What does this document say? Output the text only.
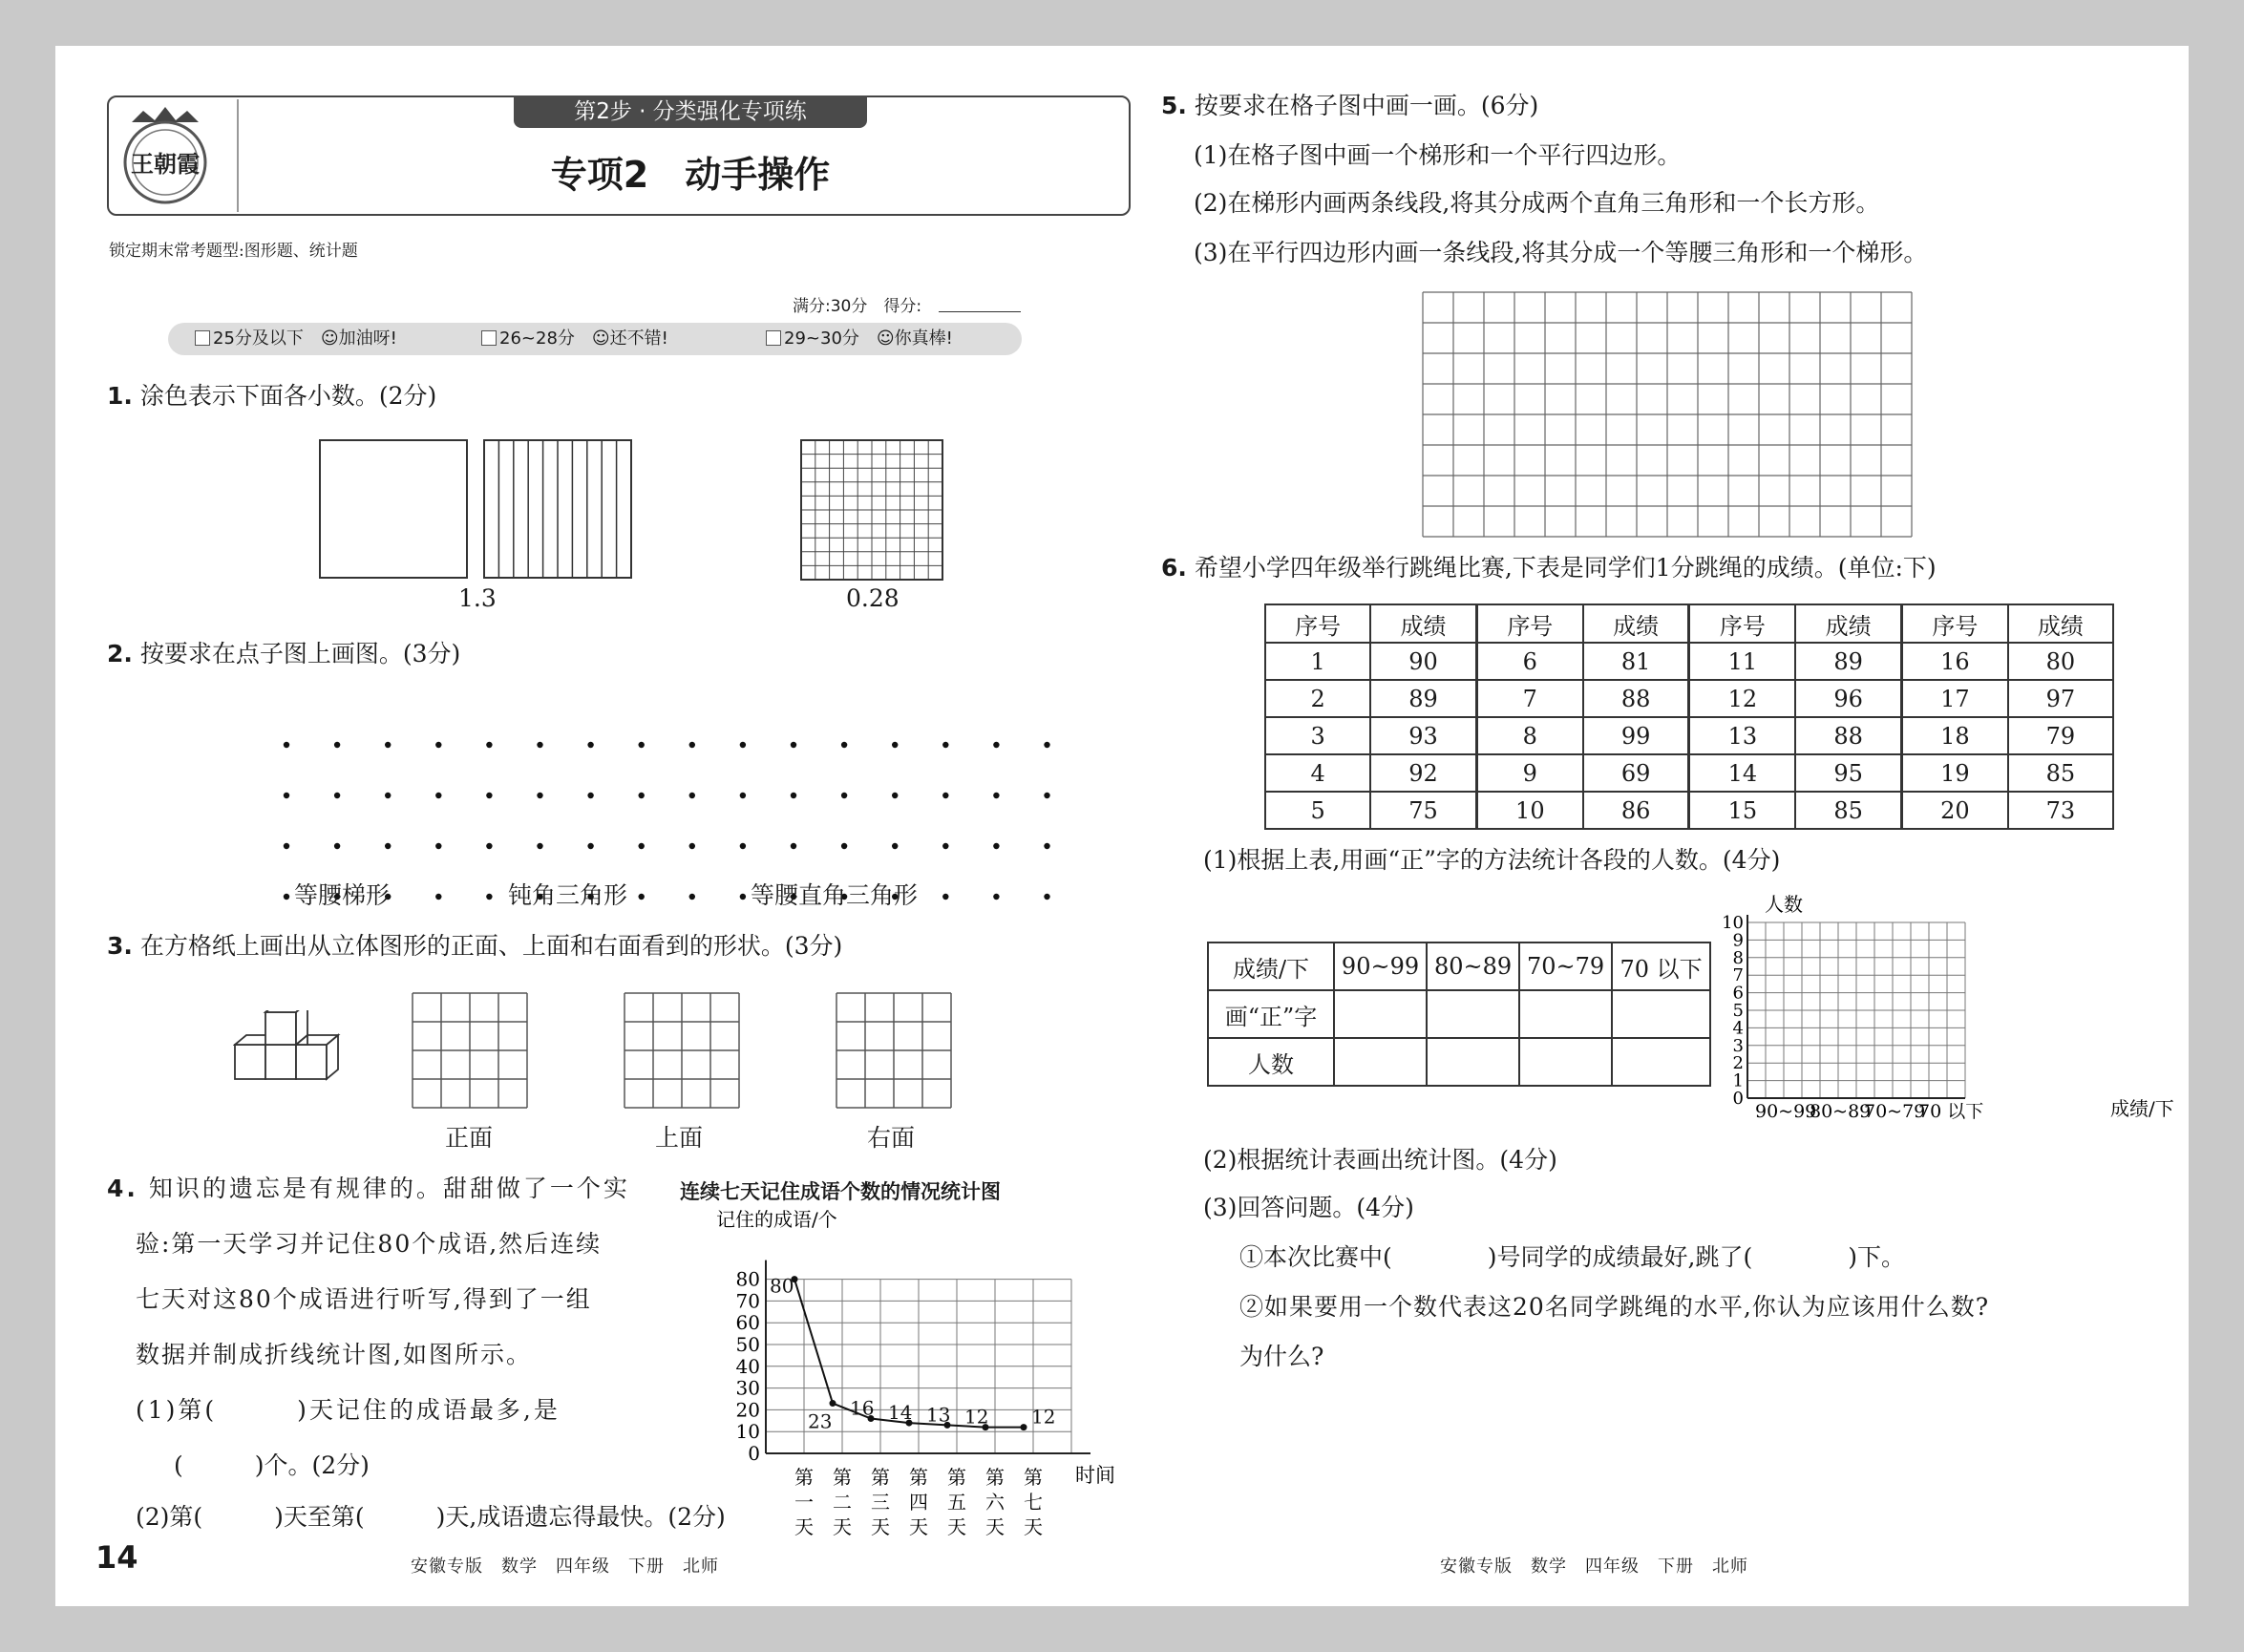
王朝霞
第2步 · 分类强化专项练
专项2　动手操作
锁定期末常考题型:图形题、统计题
满分:30分　 得分:
25分及以下　 ☺加油呀!	26~28分　 ☺还不错!	29~30分　 ☺你真棒!
1. 涂色表示下面各小数。(2分)
1.3	0.28
2. 按要求在点子图上画图。(3分)
等腰梯形	钝角三角形	等腰直角三角形
3. 在方格纸上画出从立体图形的正面、上面和右面看到的形状。(3分)
正面	上面	右面
4. 知识的遗忘是有规律的。甜甜做了一个实
验:第一天学习并记住80个成语,然后连续
七天对这80个成语进行听写,得到了一组
数据并制成折线统计图,如图所示。
(1)第(　　　)天记住的成语最多,是
(　　　)个。(2分)
(2)第(　　　)天至第(　　　)天,成语遗忘得最快。(2分)
连续七天记住成语个数的情况统计图
记住的成语/个
0
10
20
30
40
50
60
70
80
第
一
天
第
二
天
第
三
天
第
四
天
第
五
天
第
六
天
第
七
天
80
23
16 14 13 12 12
时间
5. 按要求在格子图中画一画。(6分)
(1)在格子图中画一个梯形和一个平行四边形。
(2)在梯形内画两条线段,将其分成两个直角三角形和一个长方形。
(3)在平行四边形内画一条线段,将其分成一个等腰三角形和一个梯形。
6. 希望小学四年级举行跳绳比赛,下表是同学们1分跳绳的成绩。(单位:下)
序号	成绩	序号	成绩	序号	成绩	序号	成绩
1	90	6	81	11	89	16	80
2	89	7	88	12	96	17	97
3	93	8	99	13	88	18	79
4	92	9	69	14	95	19	85
5	75	10	86	15	85	20	73
(1)根据上表,用画“正”字的方法统计各段的人数。(4分)
成绩/下	90~99	80~89	70~79	70 以下
画“正”字				
人数				
人数
0
1
2
3
4
5
6
7
8
9
10
90~99
80~89
70~79
70 以下	成绩/下
(2)根据统计表画出统计图。(4分)
(3)回答问题。(4分)
①本次比赛中(　　　　)号同学的成绩最好,跳了(　　　　)下。
②如果要用一个数代表这20名同学跳绳的水平,你认为应该用什么数?
为什么?
14	安徽专版　数学　四年级　下册　北师	安徽专版　数学　四年级　下册　北师
